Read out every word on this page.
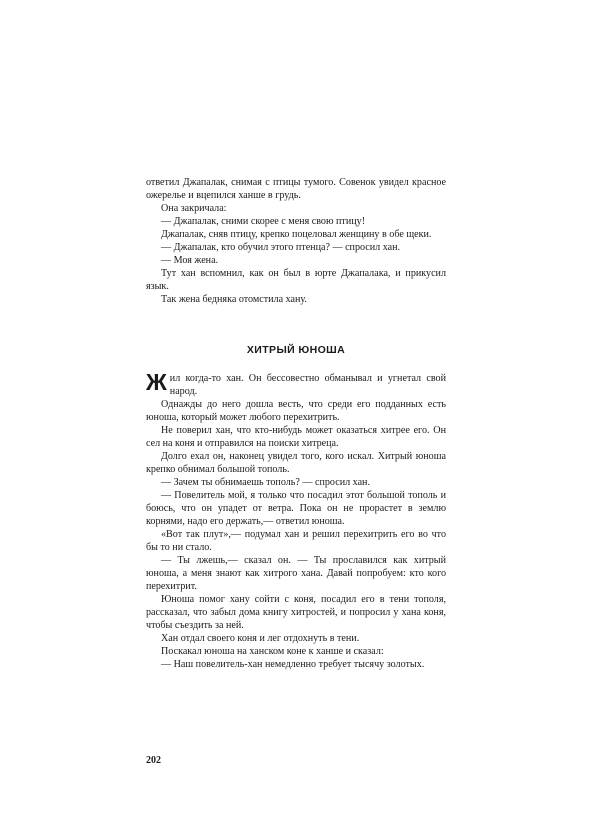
ответил Джапалак, снимая с птицы тумого. Совенок увидел красное ожерелье и вцепился ханше в грудь.

Она закричала:

— Джапалак, сними скорее с меня свою птицу!

Джапалак, сняв птицу, крепко поцеловал женщину в обе щеки.

— Джапалак, кто обучил этого птенца? — спросил хан.

— Моя жена.

Тут хан вспомнил, как он был в юрте Джапалака, и прикусил язык.

Так жена бедняка отомстила хану.

ХИТРЫЙ ЮНОША

Жил когда-то хан. Он бессовестно обманывал и угнетал свой народ.

Однажды до него дошла весть, что среди его подданных есть юноша, который может любого перехитрить.

Не поверил хан, что кто-нибудь может оказаться хитрее его. Он сел на коня и отправился на поиски хитреца.

Долго ехал он, наконец увидел того, кого искал. Хитрый юноша крепко обнимал большой тополь.

— Зачем ты обнимаешь тополь? — спросил хан.

— Повелитель мой, я только что посадил этот большой тополь и боюсь, что он упадет от ветра. Пока он не прорастет в землю корнями, надо его держать,— ответил юноша.

«Вот так плут»,— подумал хан и решил перехитрить его во что бы то ни стало.

— Ты лжешь,— сказал он. — Ты прославился как хитрый юноша, а меня знают как хитрого хана. Давай попробуем: кто кого перехитрит.

Юноша помог хану сойти с коня, посадил его в тени тополя, рассказал, что забыл дома книгу хитростей, и попросил у хана коня, чтобы съездить за ней.

Хан отдал своего коня и лег отдохнуть в тени.

Поскакал юноша на ханском коне к ханше и сказал:

— Наш повелитель-хан немедленно требует тысячу золотых.

202
